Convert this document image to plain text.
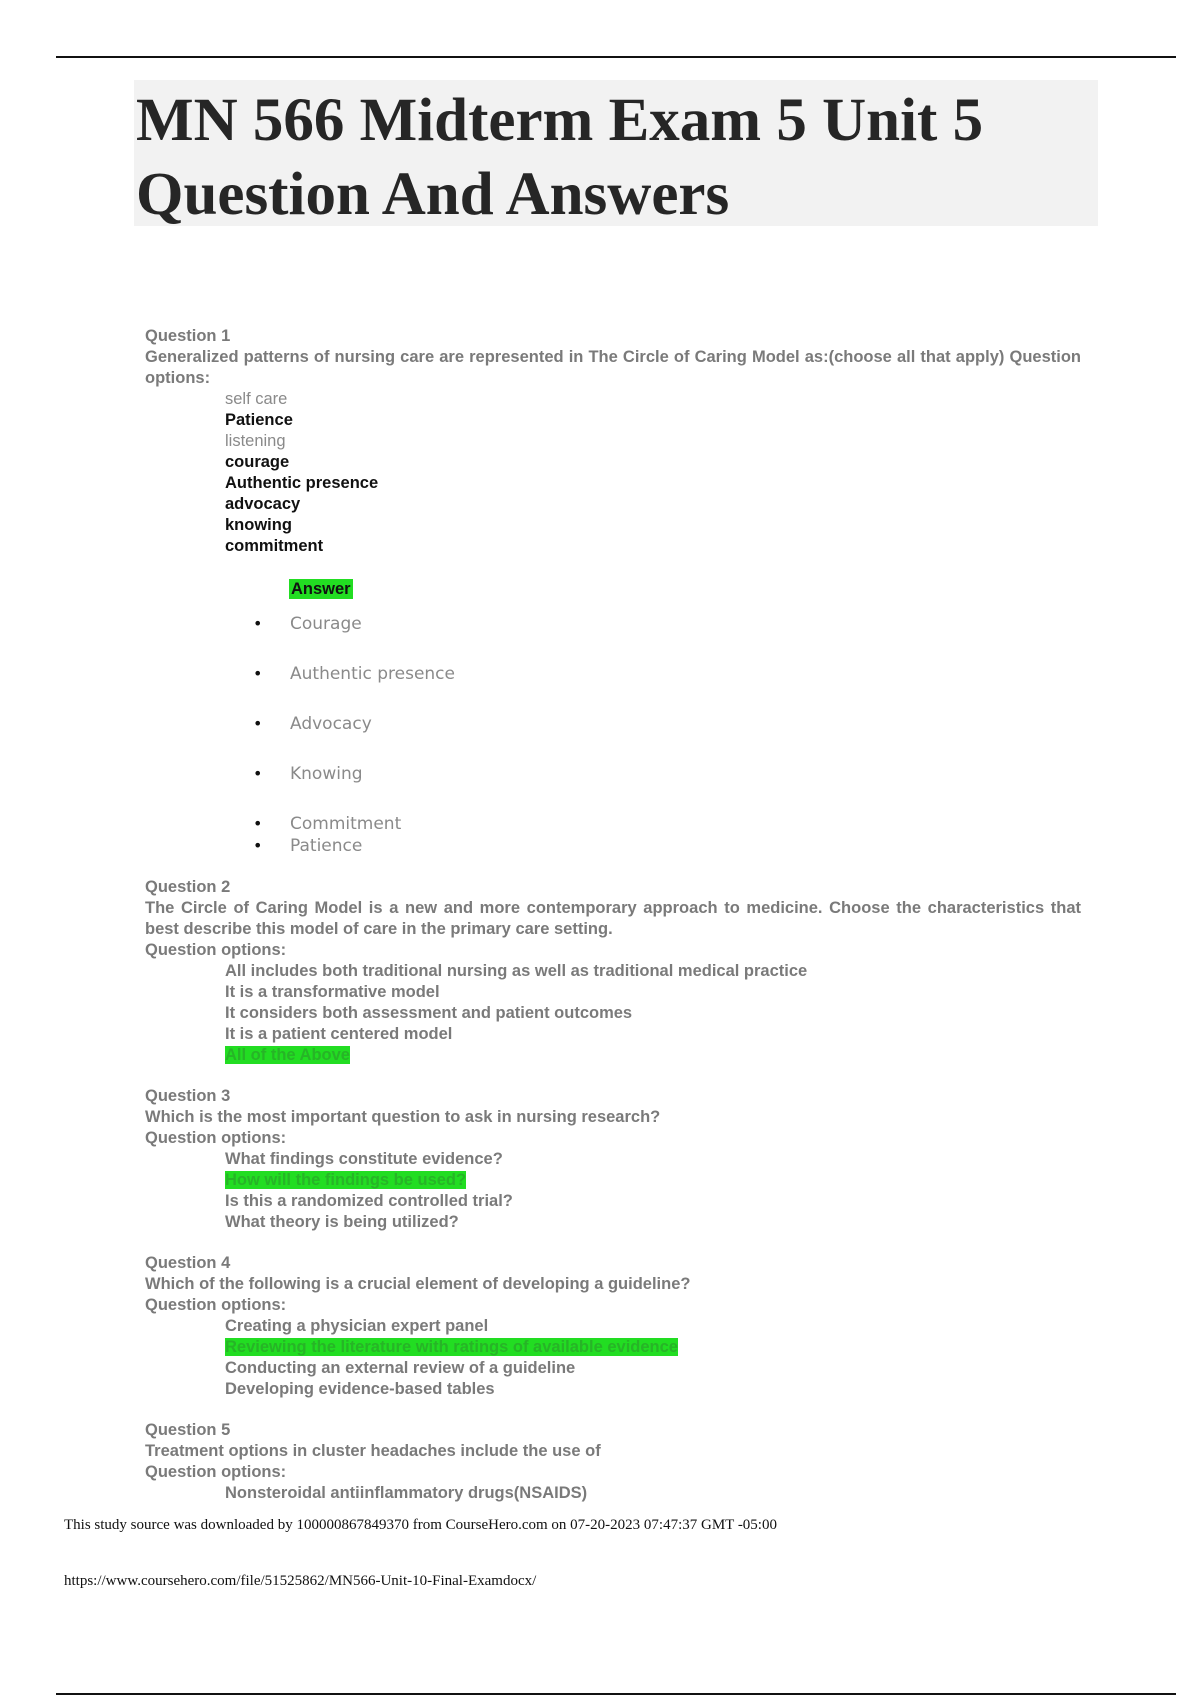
MN 566 Midterm Exam 5 Unit 5 Question And Answers
Question 1
Generalized patterns of nursing care are represented in The Circle of Caring Model as:(choose all that apply) Question options:
self care
Patience
listening
courage
Authentic presence
advocacy
knowing
commitment
Answer
• Courage
• Authentic presence
• Advocacy
• Knowing
• Commitment
• Patience
Question 2
The Circle of Caring Model is a new and more contemporary approach to medicine. Choose the characteristics that best describe this model of care in the primary care setting.
Question options:
All includes both traditional nursing as well as traditional medical practice
It is a transformative model
It considers both assessment and patient outcomes
It is a patient centered model
All of the Above
Question 3
Which is the most important question to ask in nursing research?
Question options:
What findings constitute evidence?
How will the findings be used?
Is this a randomized controlled trial?
What theory is being utilized?
Question 4
Which of the following is a crucial element of developing a guideline?
Question options:
Creating a physician expert panel
Reviewing the literature with ratings of available evidence
Conducting an external review of a guideline
Developing evidence-based tables
Question 5
Treatment options in cluster headaches include the use of
Question options:
Nonsteroidal antiinflammatory drugs(NSAIDS)
This study source was downloaded by 100000867849370 from CourseHero.com on 07-20-2023 07:47:37 GMT -05:00
https://www.coursehero.com/file/51525862/MN566-Unit-10-Final-Examdocx/
